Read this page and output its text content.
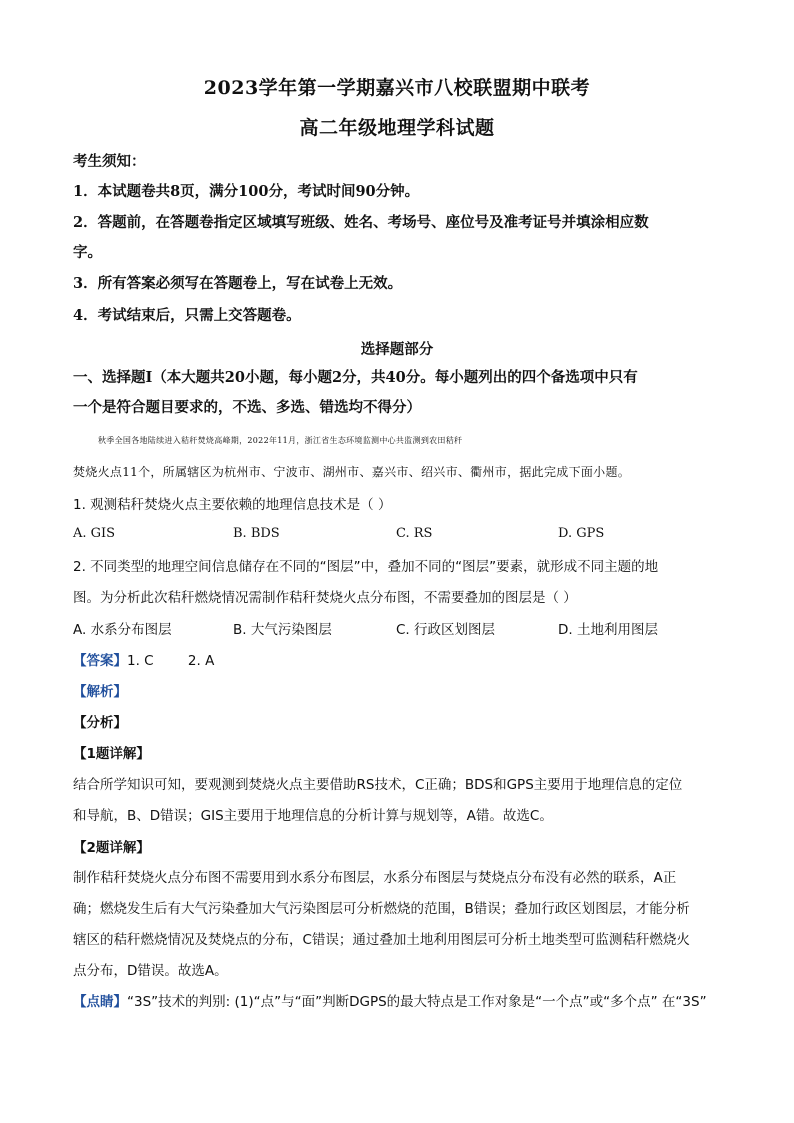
2023学年第一学期嘉兴市八校联盟期中联考
高二年级地理学科试题
考生须知：
1．本试题卷共8页，满分100分，考试时间90分钟。
2．答题前，在答题卷指定区域填写班级、姓名、考场号、座位号及准考证号并填涂相应数
字。
3．所有答案必须写在答题卷上，写在试卷上无效。
4．考试结束后，只需上交答题卷。
选择题部分
一、选择题Ⅰ（本大题共20小题，每小题2分，共40分。每小题列出的四个备选项中只有
一个是符合题目要求的，不选、多选、错选均不得分）
秋季全国各地陆续进入秸秆焚烧高峰期，2022年11月，浙江省生态环境监测中心共监测到农田秸秆
焚烧火点11个，所属辖区为杭州市、宁波市、湖州市、嘉兴市、绍兴市、衢州市，据此完成下面小题。
1. 观测秸秆焚烧火点主要依赖的地理信息技术是（ ）
A. GIS	B. BDS	C. RS	D. GPS
2. 不同类型的地理空间信息储存在不同的“图层”中，叠加不同的“图层”要素，就形成不同主题的地
图。为分析此次秸秆燃烧情况需制作秸秆焚烧火点分布图，不需要叠加的图层是（ ）
A. 水系分布图层	B. 大气污染图层	C. 行政区划图层	D. 土地利用图层
【答案】1. C        2. A
【解析】
【分析】
【1题详解】
结合所学知识可知，要观测到焚烧火点主要借助RS技术，C正确；BDS和GPS主要用于地理信息的定位
和导航，B、D错误；GIS主要用于地理信息的分析计算与规划等，A错。故选C。
【2题详解】
制作秸秆焚烧火点分布图不需要用到水系分布图层，水系分布图层与焚烧点分布没有必然的联系，A正
确；燃烧发生后有大气污染叠加大气污染图层可分析燃烧的范围，B错误；叠加行政区划图层，才能分析
辖区的秸秆燃烧情况及焚烧点的分布，C错误；通过叠加土地利用图层可分析土地类型可监测秸秆燃烧火
点分布，D错误。故选A。
【点睛】“3S”技术的判别: (1)“点”与“面”判断DGPS的最大特点是工作对象是“一个点”或“多个点” 在“3S”
